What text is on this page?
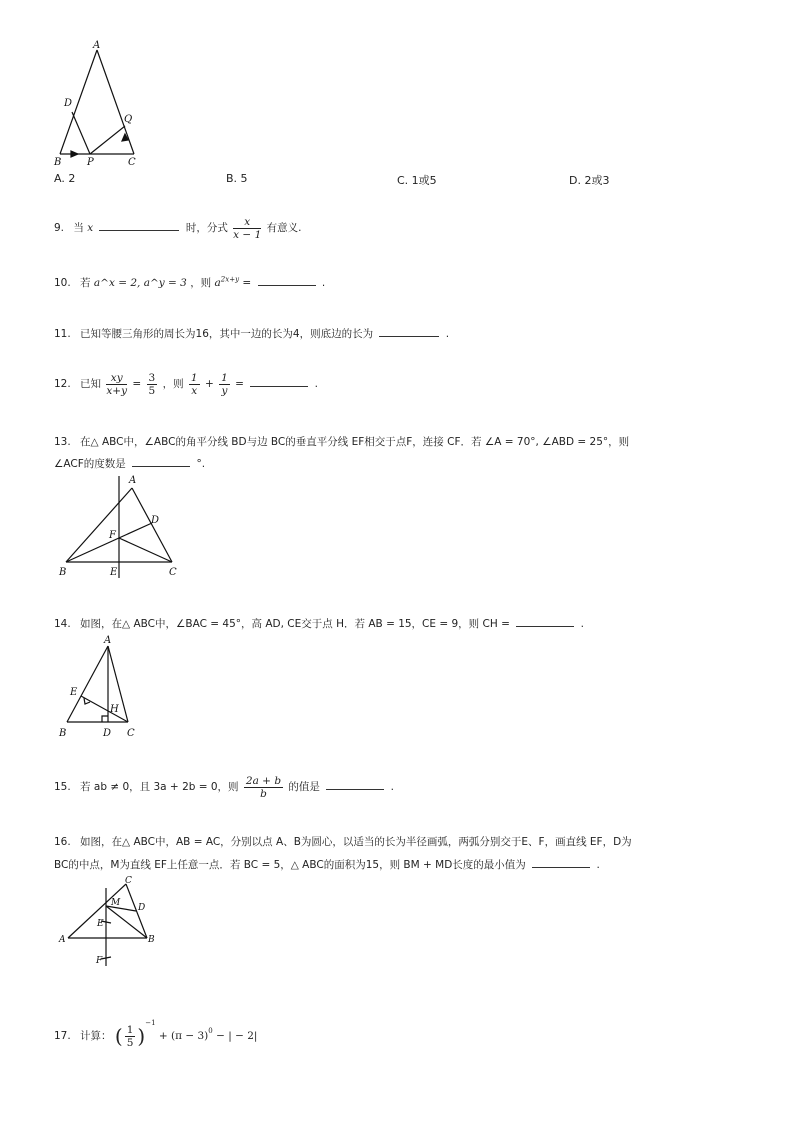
A
D
Q
B	P	C
A. 2	B. 5	C. 1或5	D. 2或3
9. 当 x	时，分式 $\frac{x}{x - 1}$ 有意义.
10. 若 a^x = 2, a^y = 3 ，则 $a^{2x+y}$ =	.
11. 已知等腰三角形的周长为16，其中一边的长为4，则底边的长为	.
12. 已知 $\frac{xy}{x+y} = \frac{3}{5}$ ，则 $\frac{1}{x} + \frac{1}{y}$ =	.
13. 在△ ABC中，∠ABC的角平分线 BD与边 BC的垂直平分线 EF相交于点F，连接 CF．若 ∠A = 70°, ∠ABD = 25°，则
∠ACF的度数是	°.
A
D
F
B	E	C
14. 如图，在△ ABC中，∠BAC = 45°，高 AD, CE交于点 H．若 AB = 15，CE = 9，则 CH =	.
A
E
H
B	D C
15. 若 ab ≠ 0，且 3a + 2b = 0，则 $\frac{2a + b}{b}$ 的值是	.
16. 如图，在△ ABC中，AB = AC，分别以点 A、B为圆心，以适当的长为半径画弧，两弧分别交于E、F，画直线 EF，D为
BC的中点，M为直线 EF上任意一点．若 BC = 5，△ ABC的面积为15，则 BM + MD长度的最小值为	.
C
M D
E
A	B
F
17. 计算： ( $\frac{1}{5} )^{-1} + (\pi - 3)^0$ − | − 2|
